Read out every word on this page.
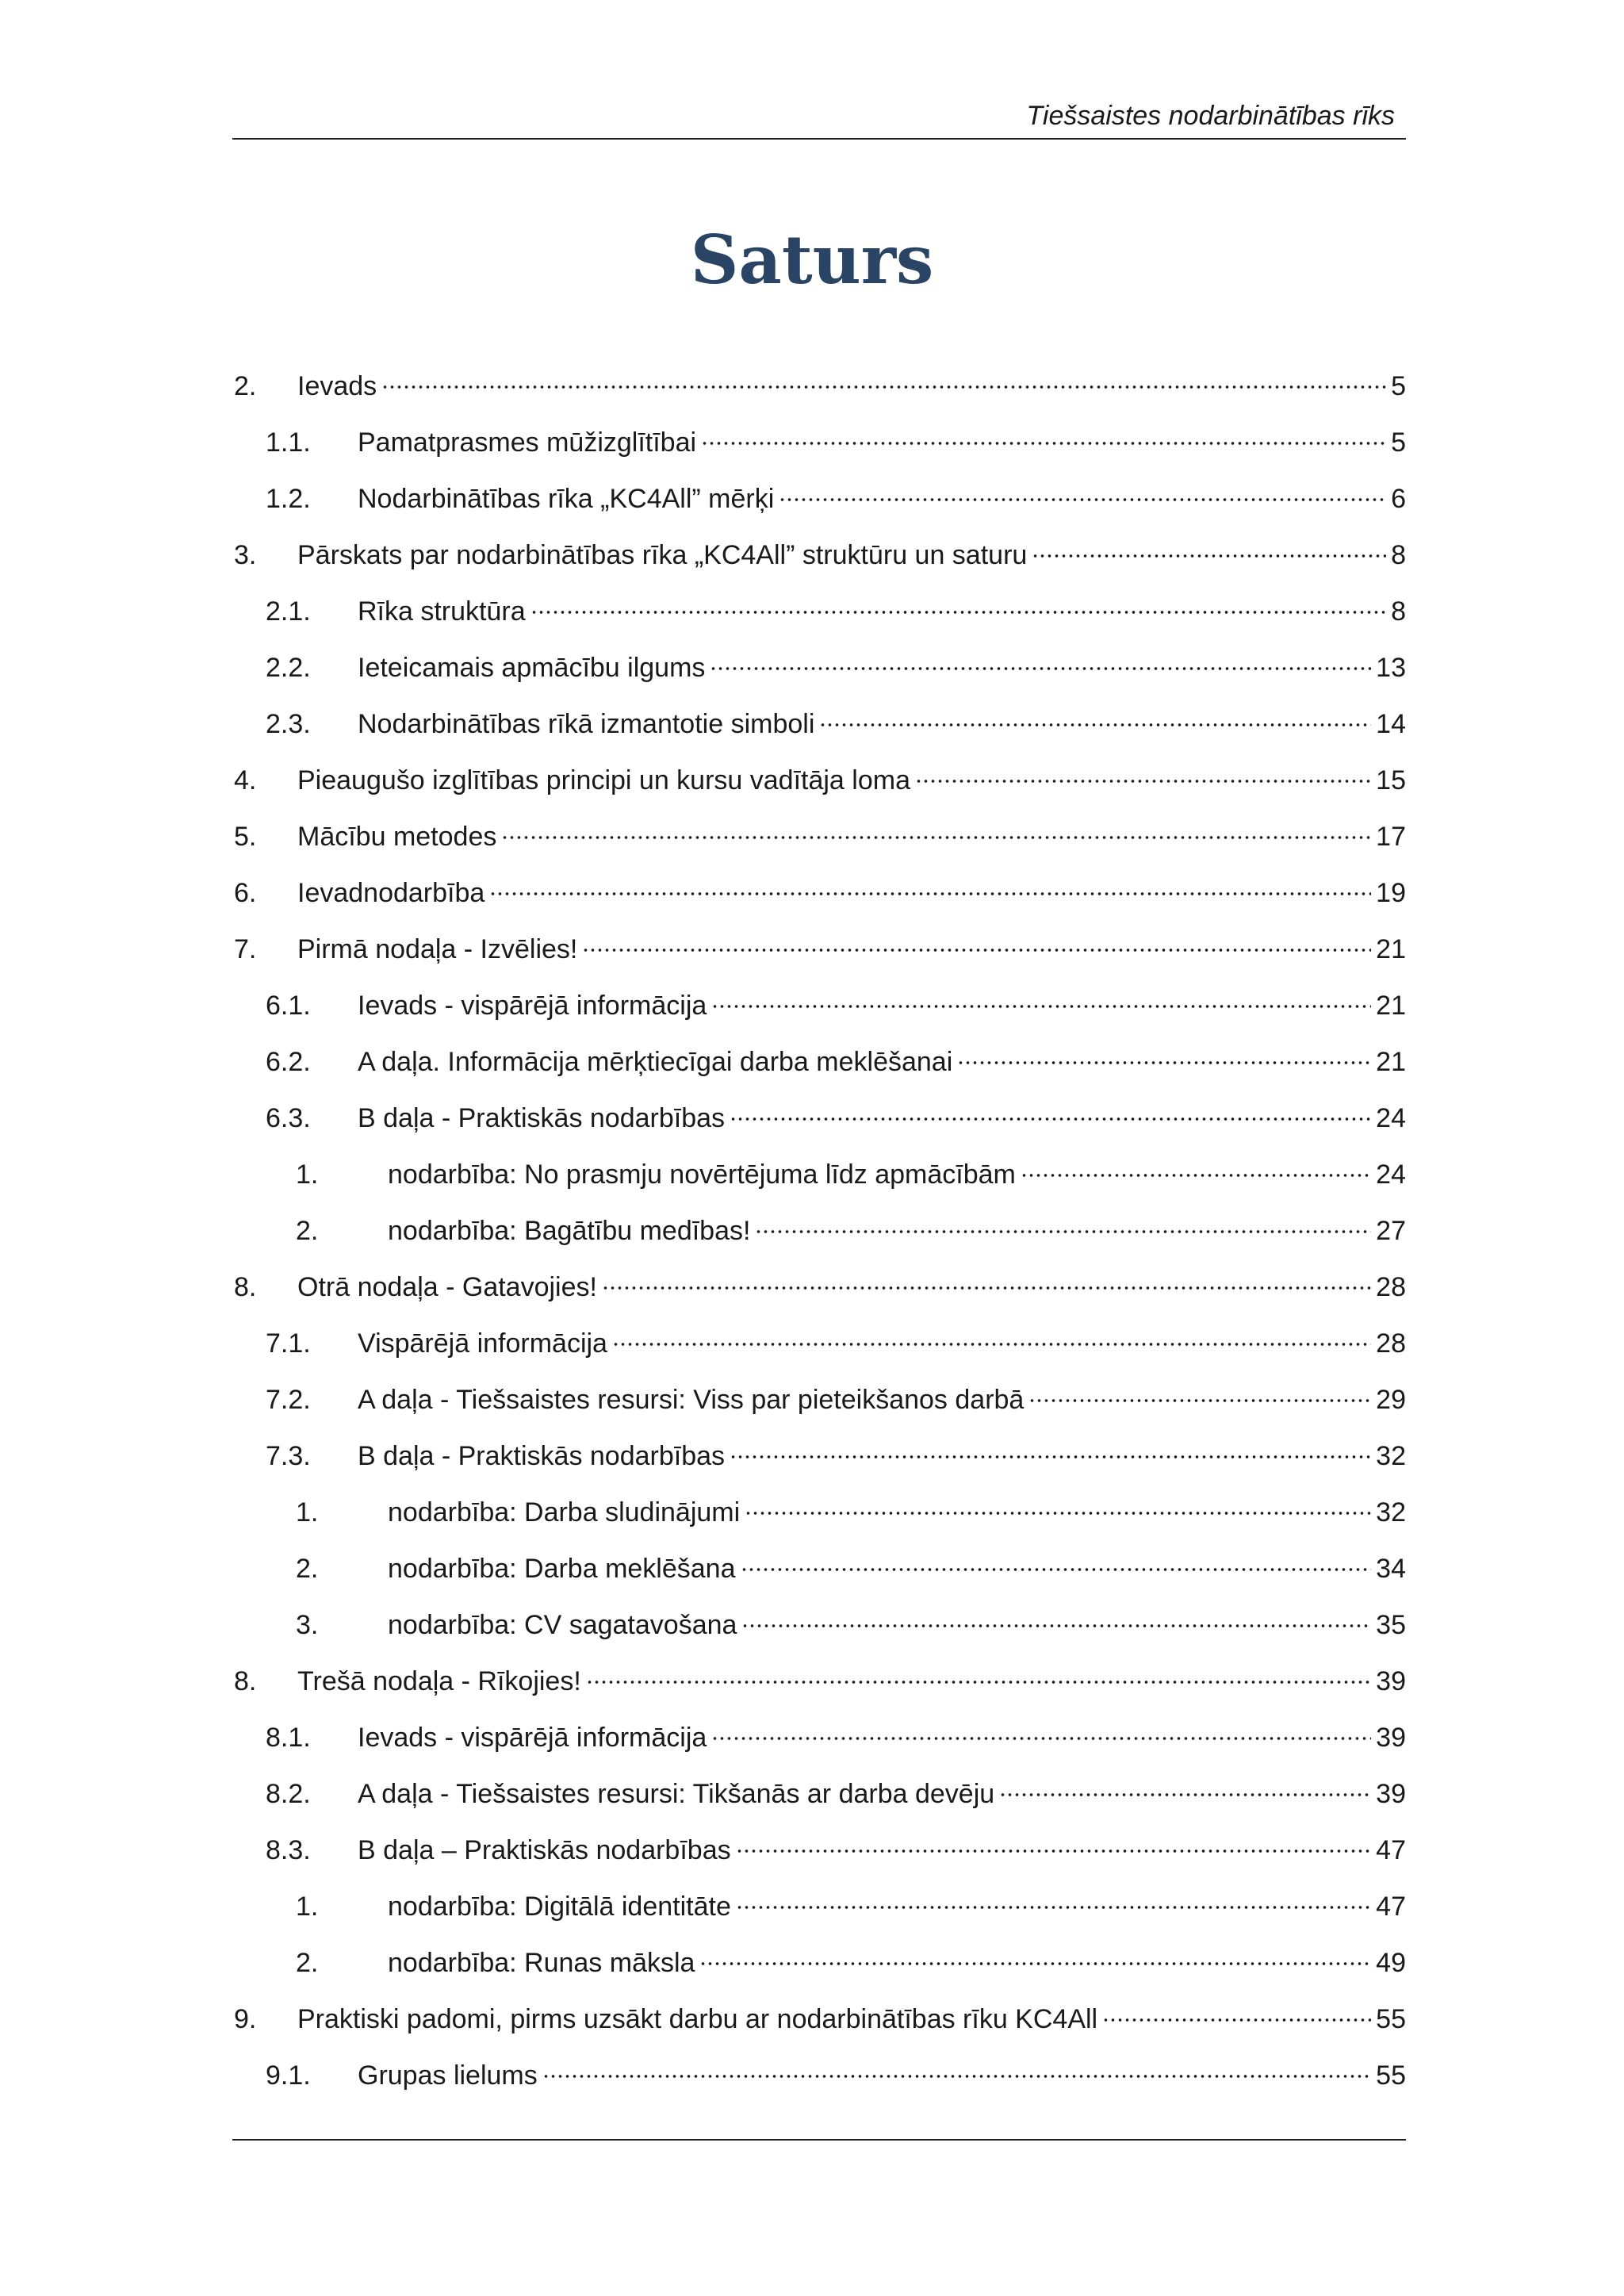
Tiešsaistes nodarbinātības rīks
Saturs
2.	Ievads	5
1.1.	Pamatprasmes mūžizglītībai	5
1.2.	Nodarbinātības rīka „KC4All” mērķi	6
3.	Pārskats par nodarbinātības rīka „KC4All” struktūru un saturu	8
2.1.	Rīka struktūra	8
2.2.	Ieteicamais apmācību ilgums	13
2.3.	Nodarbinātības rīkā izmantotie simboli	14
4.	Pieaugušo izglītības principi un kursu vadītāja loma	15
5.	Mācību metodes	17
6.	Ievadnodarbība	19
7.	Pirmā nodaļa - Izvēlies!	21
6.1.	Ievads - vispārējā informācija	21
6.2.	A daļa. Informācija mērķtiecīgai darba meklēšanai	21
6.3.	B daļa - Praktiskās nodarbības	24
1.	nodarbība: No prasmju novērtējuma līdz apmācībām	24
2.	nodarbība: Bagātību medības!	27
8.	Otrā nodaļa - Gatavojies!	28
7.1.	Vispārējā informācija	28
7.2.	A daļa - Tiešsaistes resursi: Viss par pieteikšanos darbā	29
7.3.	B daļa - Praktiskās nodarbības	32
1.	nodarbība: Darba sludinājumi	32
2.	nodarbība: Darba meklēšana	34
3.	nodarbība: CV sagatavošana	35
8.	Trešā nodaļa - Rīkojies!	39
8.1.	Ievads - vispārējā informācija	39
8.2.	A daļa - Tiešsaistes resursi: Tikšanās ar darba devēju	39
8.3.	B daļa – Praktiskās nodarbības	47
1.	nodarbība: Digitālā identitāte	47
2.	nodarbība: Runas māksla	49
9.	Praktiski padomi, pirms uzsākt darbu ar nodarbinātības rīku KC4All	55
9.1.	Grupas lielums	55
